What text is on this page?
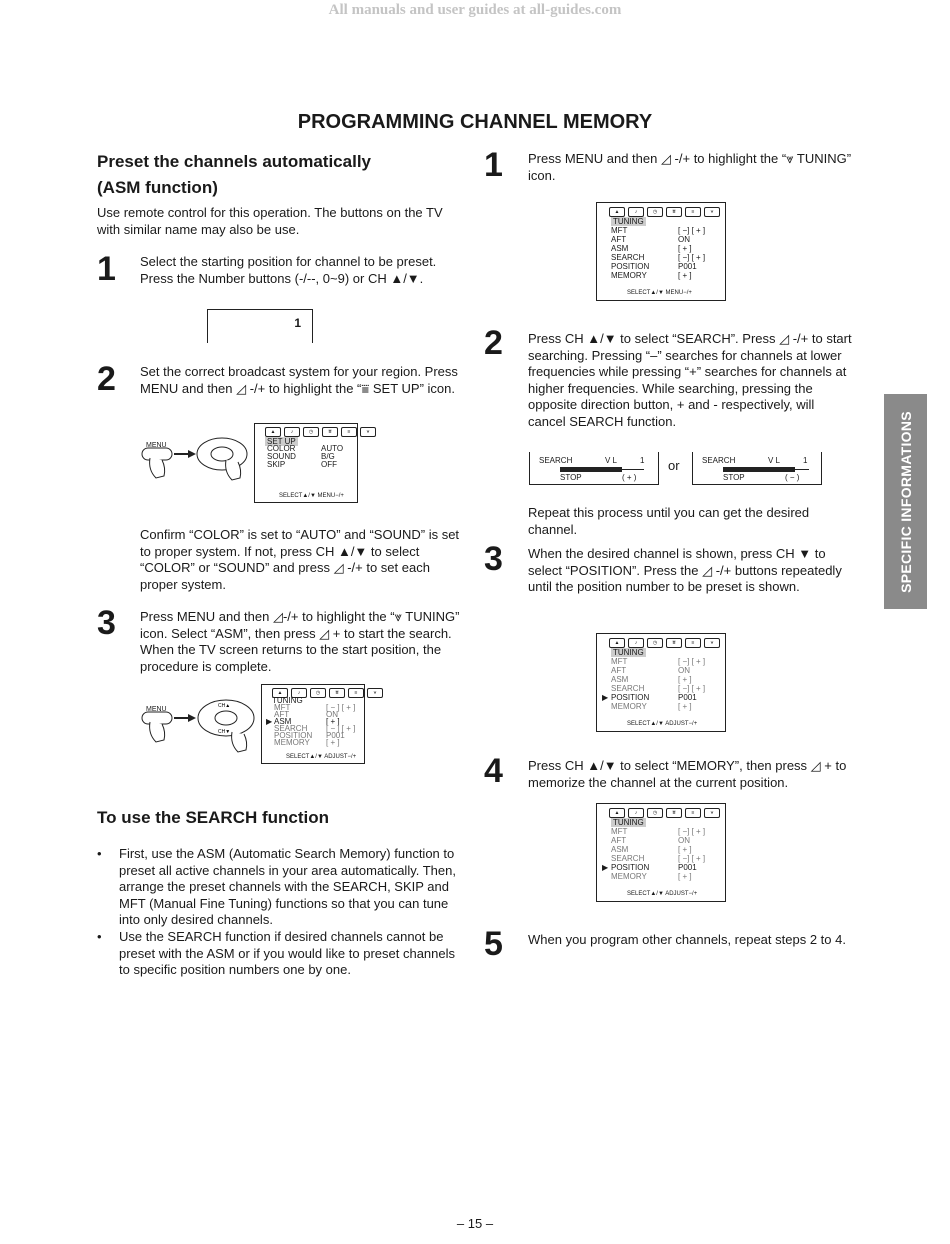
All manuals and user guides at all-guides.com
PROGRAMMING CHANNEL MEMORY
Preset the channels automatically
(ASM function)
Use remote control for this operation. The buttons on the TV with similar name may also be use.
1 Select the starting position for channel to be preset. Press the Number buttons (-/--, 0~9) or CH ▲/▼.
1
2 Set the correct broadcast system for your region. Press MENU and then ◿ -/+ to highlight the “⩸ SET UP” icon.
MENU
▲	♪	◷	⩸	≡	⩔
SET UP
COLOR	AUTO
SOUND	B/G
SKIP	OFF
SELECT▲/▼ MENU−/+
Confirm “COLOR” is set to “AUTO” and “SOUND” is set to proper system. If not, press CH ▲/▼ to select “COLOR” or “SOUND” and press ◿ -/+ to set each proper system.
3 Press MENU and then ◿-/+ to highlight the “⩔ TUNING” icon. Select “ASM”, then press ◿ + to start the search. When the TV screen returns to the start position, the procedure is complete.
CH▲
CH▼
MENU
▲	♪	◷	⩸	≡	⩔
TUNING
MFT	[ − ] [ + ]
AFT	ON
▶ ASM	[ + ]
SEARCH [ − ] [ + ]
POSITION P001
MEMORY [ + ]
SELECT▲/▼ ADJUST−/+
To use the SEARCH function
• First, use the ASM (Automatic Search Memory) function to preset all active channels in your area automatically. Then, arrange the preset channels with the SEARCH, SKIP and MFT (Manual Fine Tuning) functions so that you can tune into only desired channels.
• Use the SEARCH function if desired channels cannot be preset with the ASM or if you would like to preset channels to specific position numbers one by one.
1 Press MENU and then ◿ -/+ to highlight the “⩔ TUNING” icon.
▲	♪	◷	⩸	≡	⩔
TUNING
MFT	[ −] [ + ]
AFT	ON
ASM	[ + ]
SEARCH	[ −] [ + ]
POSITION	P001
MEMORY	[ + ]
SELECT▲/▼ MENU−/+
2 Press CH ▲/▼ to select “SEARCH”. Press ◿ -/+ to start searching. Pressing “–” searches for channels at lower frequencies while pressing “+” searches for channels at higher frequencies. While searching, pressing the opposite direction button, + and - respectively, will cancel SEARCH function.
SEARCH	V L	1
STOP	( + )
or	SEARCH	V L	1
STOP	( − )
Repeat this process until you can get the desired channel.
3 When the desired channel is shown, press CH ▼ to select “POSITION”. Press the ◿ -/+ buttons repeatedly until the position number to be preset is shown.
▲	♪	◷	⩸	≡	⩔
TUNING
MFT	[ −] [ + ]
AFT	ON
ASM	[ + ]
SEARCH	[ −] [ + ]
▶ POSITION	P001
MEMORY	[ + ]
SELECT▲/▼ ADJUST−/+
4 Press CH ▲/▼ to select “MEMORY”, then press ◿ + to memorize the channel at the current position.
▲	♪	◷	⩸	≡	⩔
TUNING
MFT	[ −] [ + ]
AFT	ON
ASM	[ + ]
SEARCH	[ −] [ + ]
▶ POSITION	P001
MEMORY	[ + ]
SELECT▲/▼ ADJUST−/+
5 When you program other channels, repeat steps 2 to 4.
SPECIFIC INFORMATIONS
– 15 –
